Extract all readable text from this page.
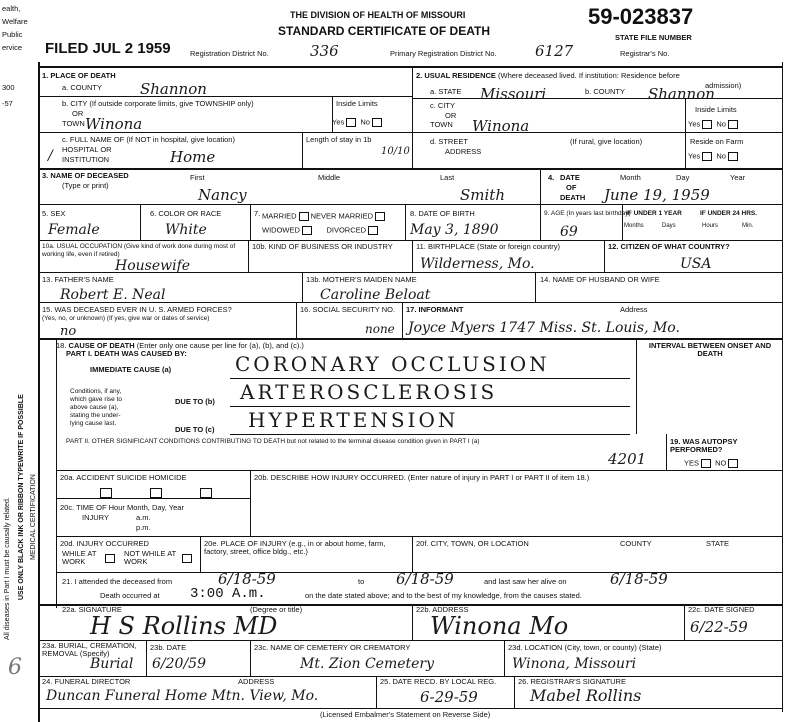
ealth,
Welfare
Public
ervice
300
-57
All diseases in Part I must be causally related. USE ONLY BLACK INK OR RIBBON TYPEWRITE IF POSSIBLE MEDICAL CERTIFICATION
6
THE DIVISION OF HEALTH OF MISSOURI
STANDARD CERTIFICATE OF DEATH
59-023837
STATE FILE NUMBER
FILED JUL 2 1959	Registration District No.	336	Primary Registration District No.	6127	Registrar's No.
1. PLACE OF DEATH
a. COUNTY	Shannon
b. CITY (If outside corporate limits, give TOWNSHIP only)
OR
TOWN Winona
Inside Limits
Yes No
c. FULL NAME OF (If NOT in hospital, give location)
HOSPITAL OR
INSTITUTION	Home
/
Length of stay in 1b
10/10
2. USUAL RESIDENCE (Where deceased lived. If institution: Residence before
admission)
a. STATE Missouri	b. COUNTY Shannon
c. CITY
OR
TOWN Winona
Inside Limits
Yes No
d. STREET
ADDRESS
(If rural, give location)	Reside on Farm
Yes No
3. NAME OF DECEASED
(Type or print)
First	Middle	Last
Nancy	Smith
4. DATE
OF
DEATH
Month	Day	Year
June 19, 1959
5. SEX
Female
6. COLOR OR RACE
White
7. MARRIED NEVER MARRIED
WIDOWED	DIVORCED
8. DATE OF BIRTH
May 3, 1890
9. AGE (In years last birthday)
69
IF UNDER 1 YEAR	IF UNDER 24 HRS.
Months	Days	Hours	Min.
10a. USUAL OCCUPATION (Give kind of work done during most of working life, even if retired)
Housewife
10b. KIND OF BUSINESS OR INDUSTRY	11. BIRTHPLACE (State or foreign country)
Wilderness, Mo.
12. CITIZEN OF WHAT COUNTRY?
USA
13. FATHER'S NAME
Robert E. Neal
13b. MOTHER'S MAIDEN NAME
Caroline Beloat
14. NAME OF HUSBAND OR WIFE
15. WAS DECEASED EVER IN U. S. ARMED FORCES?
(Yes, no, or unknown) (If yes, give war or dates of service)
no
16. SOCIAL SECURITY NO.
none
17. INFORMANT	Address
Joyce Myers 1747 Miss. St. Louis, Mo.
18. CAUSE OF DEATH (Enter only one cause per line for (a), (b), and (c).)
PART I. DEATH WAS CAUSED BY:
IMMEDIATE CAUSE (a)	CORONARY OCCLUSION
Conditions, if any,
which gave rise to
above cause (a),
stating the under-
lying cause last.
DUE TO (b) ARTEROSCLEROSIS
DUE TO (c) HYPERTENSION
INTERVAL BETWEEN ONSET AND DEATH
PART II. OTHER SIGNIFICANT CONDITIONS CONTRIBUTING TO DEATH but not related to the terminal disease condition given in PART I (a)	19. WAS AUTOPSY PERFORMED?
YES NO
4201
20a. ACCIDENT SUICIDE HOMICIDE	20b. DESCRIBE HOW INJURY OCCURRED. (Enter nature of injury in PART I or PART II of item 18.)
20c. TIME OF Hour Month, Day, Year
INJURY	a.m.
p.m.
20d. INJURY OCCURRED
WHILE AT WORK
NOT WHILE AT WORK
20e. PLACE OF INJURY (e.g., in or about home, farm, factory, street, office bldg., etc.)
20f. CITY, TOWN, OR LOCATION	COUNTY	STATE
21. I attended the deceased from	6/18-59	to 6/18-59	and last saw her alive on	6/18-59
Death occurred at 3:00 A.m.	on the date stated above; and to the best of my knowledge, from the causes stated.
22a. SIGNATURE	(Degree or title)
H S Rollins MD
22b. ADDRESS
Winona Mo
22c. DATE SIGNED
6/22-59
23a. BURIAL, CREMATION, REMOVAL (Specify)
Burial
23b. DATE
6/20/59
23c. NAME OF CEMETERY OR CREMATORY
Mt. Zion Cemetery
23d. LOCATION (City, town, or county) (State)
Winona, Missouri
24. FUNERAL DIRECTOR	ADDRESS
Duncan Funeral Home Mtn. View, Mo.
25. DATE RECD. BY LOCAL REG.
6-29-59
26. REGISTRAR'S SIGNATURE
Mabel Rollins
(Licensed Embalmer's Statement on Reverse Side)
